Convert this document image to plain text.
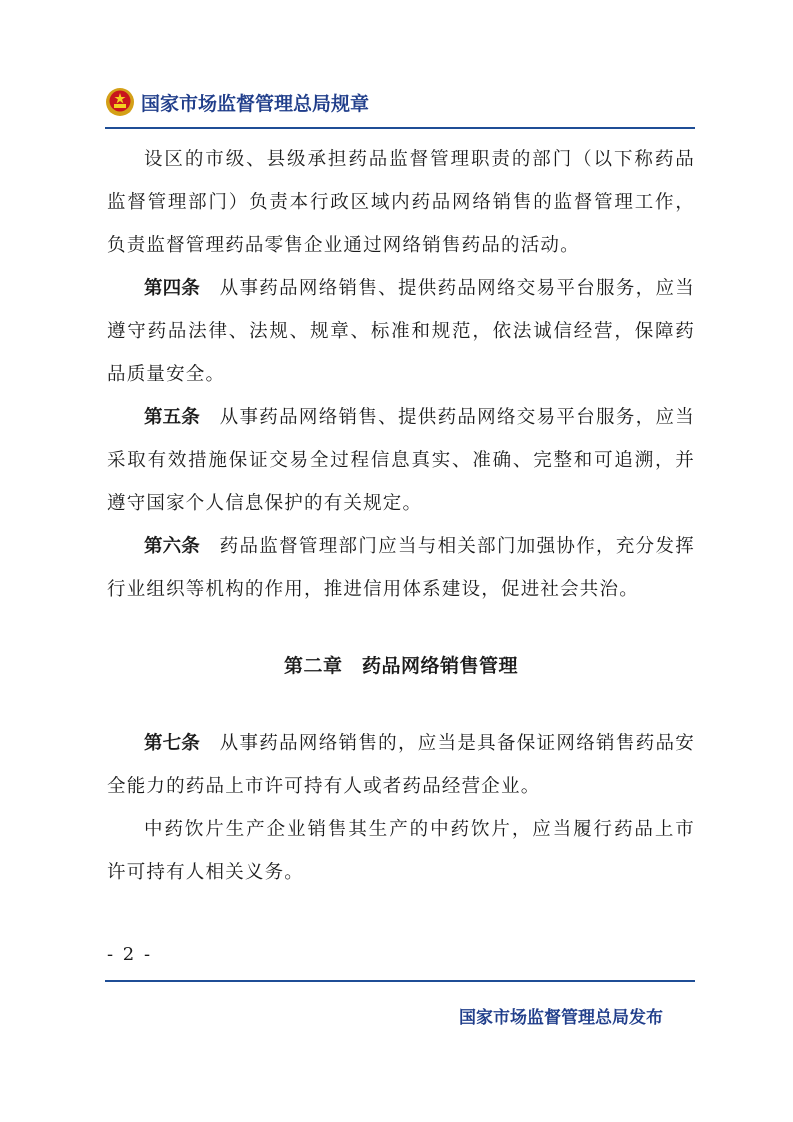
国家市场监督管理总局规章

设区的市级、县级承担药品监督管理职责的部门（以下称药品监督管理部门）负责本行政区域内药品网络销售的监督管理工作，负责监督管理药品零售企业通过网络销售药品的活动。

第四条　从事药品网络销售、提供药品网络交易平台服务，应当遵守药品法律、法规、规章、标准和规范，依法诚信经营，保障药品质量安全。

第五条　从事药品网络销售、提供药品网络交易平台服务，应当采取有效措施保证交易全过程信息真实、准确、完整和可追溯，并遵守国家个人信息保护的有关规定。

第六条　药品监督管理部门应当与相关部门加强协作，充分发挥行业组织等机构的作用，推进信用体系建设，促进社会共治。

第二章　药品网络销售管理

第七条　从事药品网络销售的，应当是具备保证网络销售药品安全能力的药品上市许可持有人或者药品经营企业。

中药饮片生产企业销售其生产的中药饮片，应当履行药品上市许可持有人相关义务。

- 2 -
国家市场监督管理总局发布
